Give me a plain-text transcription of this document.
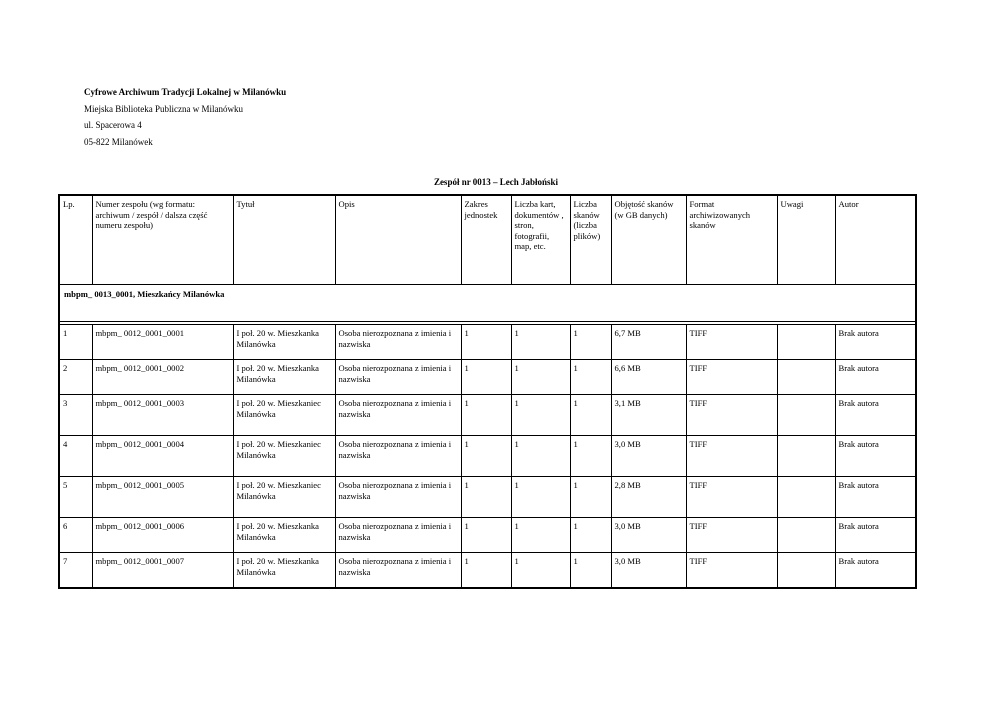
Cyfrowe Archiwum Tradycji Lokalnej w Milanówku
Miejska Biblioteka Publiczna w Milanówku
ul. Spacerowa 4
05-822 Milanówek
Zespół nr 0013 – Lech Jabłoński
Lp.	Numer zespołu (wg formatu: archiwum / zespół / dalsza część numeru zespołu)	Tytuł	Opis	Zakres jednostek	Liczba kart, dokumentów , stron, fotografii, map, etc.	Liczba skanów (liczba plików)	Objętość skanów (w GB danych)	Format archiwizowanych skanów	Uwagi	Autor
mbpm_ 0013_0001, Mieszkańcy Milanówka										

1	mbpm_ 0012_0001_0001	I poł. 20 w. Mieszkanka Milanówka	Osoba nierozpoznana z imienia i nazwiska	1	1	1	6,7 MB	TIFF		Brak autora
2	mbpm_ 0012_0001_0002	I poł. 20 w. Mieszkanka Milanówka	Osoba nierozpoznana z imienia i nazwiska	1	1	1	6,6 MB	TIFF		Brak autora
3	mbpm_ 0012_0001_0003	I poł. 20 w. Mieszkaniec Milanówka	Osoba nierozpoznana z imienia i nazwiska	1	1	1	3,1 MB	TIFF		Brak autora
4	mbpm_ 0012_0001_0004	I poł. 20 w. Mieszkaniec Milanówka	Osoba nierozpoznana z imienia i nazwiska	1	1	1	3,0 MB	TIFF		Brak autora
5	mbpm_ 0012_0001_0005	I poł. 20 w. Mieszkaniec Milanówka	Osoba nierozpoznana z imienia i nazwiska	1	1	1	2,8 MB	TIFF		Brak autora
6	mbpm_ 0012_0001_0006	I poł. 20 w. Mieszkanka Milanówka	Osoba nierozpoznana z imienia i nazwiska	1	1	1	3,0 MB	TIFF		Brak autora
7	mbpm_ 0012_0001_0007	I poł. 20 w. Mieszkanka Milanówka	Osoba nierozpoznana z imienia i nazwiska	1	1	1	3,0 MB	TIFF		Brak autora
